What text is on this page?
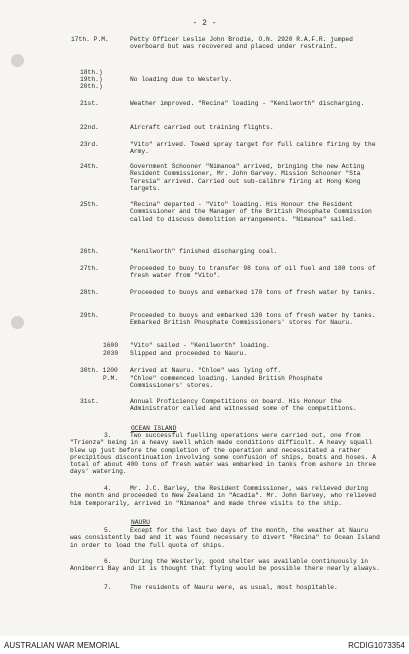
- 2 -
17th. P.M.	Petty Officer Leslie John Brodie, O.N. 2920 R.A.F.R. jumped overboard but was recovered and placed under restraint.
18th.)
19th.)	No loading due to Westerly.
20th.)
21st.	Weather improved. "Recina" loading - "Kenilworth" discharging.
22nd.	Aircraft carried out training flights.
23rd.	"Vito" arrived. Towed spray target for full calibre firing by the Army.
24th.	Government Schooner "Nimanoa" arrived, bringing the new Acting Resident Commissioner, Mr. John Garvey. Mission Schooner "Sta Teresia" arrived. Carried out sub-calibre firing at Hong Kong targets.
25th.	"Recina" departed - "Vito" loading. His Honour the Resident Commissioner and the Manager of the British Phosphate Commission called to discuss demolition arrangements. "Nimanoa" sailed.
26th.	"Kenilworth" finished discharging coal.
27th.	Proceeded to buoy to transfer 98 tons of oil fuel and 180 tons of fresh water from "Vito".
28th.	Proceeded to buoys and embarked 170 tons of fresh water by tanks.
29th.	Proceeded to buoys and embarked 130 tons of fresh water by tanks. Embarked British Phosphate Commissioners' stores for Nauru.
1600	"Vito" sailed - "Kenilworth" loading.
2030	Slipped and proceeded to Nauru.
30th. 1200	Arrived at Nauru. "Chloe" was lying off.
P.M.	"Chloe" commenced loading. Landed British Phosphate Commissioners' stores.
31st.	Annual Proficiency Competitions on board. His Honour the Administrator called and witnessed some of the competitions.
OCEAN ISLAND
3.	Two successful fuelling operations were carried out, one from "Trienza" being in a heavy swell which made conditions difficult. A heavy squall blew up just before the completion of the operation and necessitated a rather precipitous discontinuation involving some confusion of ships, boats and hoses. A total of about 400 tons of fresh water was embarked in tanks from ashore in three days' watering.
4.	Mr. J.C. Barley, the Resident Commissioner, was relieved during the month and proceeded to New Zealand in "Acadia". Mr. John Garvey, who relieved him temporarily, arrived in "Nimanoa" and made three visits to the ship.
NAURU
5.	Except for the last two days of the month, the weather at Nauru was consistently bad and it was found necessary to divert "Recina" to Ocean Island in order to load the full quota of ships.
6.	During the Westerly, good shelter was available continuously in Anniberri Bay and it is thought that flying would be possible there nearly always.
7.	The residents of Nauru were, as usual, most hospitable.
AUSTRALIAN WAR MEMORIAL	RCDIG1073354
